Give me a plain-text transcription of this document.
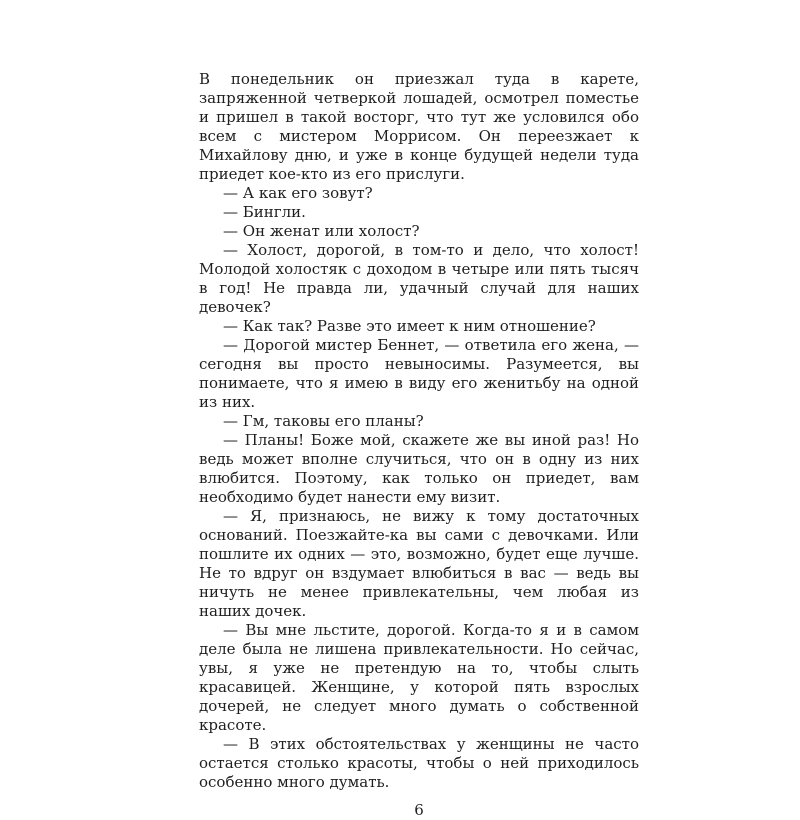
В понедельник он приезжал туда в карете, запряженной четверкой лошадей, осмотрел поместье и пришел в такой восторг, что тут же условился обо всем с мистером Моррисом. Он переезжает к Михайлову дню, и уже в конце будущей недели туда приедет кое-кто из его прислуги.

— А как его зовут?

— Бингли.

— Он женат или холост?

— Холост, дорогой, в том-то и дело, что холост! Молодой холостяк с доходом в четыре или пять тысяч в год! Не правда ли, удачный случай для наших девочек?

— Как так? Разве это имеет к ним отношение?

— Дорогой мистер Беннет, — ответила его жена, — сегодня вы просто невыносимы. Разумеется, вы понимаете, что я имею в виду его женитьбу на одной из них.

— Гм, таковы его планы?

— Планы! Боже мой, скажете же вы иной раз! Но ведь может вполне случиться, что он в одну из них влюбится. Поэтому, как только он приедет, вам необходимо будет нанести ему визит.

— Я, признаюсь, не вижу к тому достаточных оснований. Поезжайте-ка вы сами с девочками. Или пошлите их одних — это, возможно, будет еще лучше. Не то вдруг он вздумает влюбиться в вас — ведь вы ничуть не менее привлекательны, чем любая из наших дочек.

— Вы мне льстите, дорогой. Когда-то я и в самом деле была не лишена привлекательности. Но сейчас, увы, я уже не претендую на то, чтобы слыть красавицей. Женщине, у которой пять взрослых дочерей, не следует много думать о собственной красоте.

— В этих обстоятельствах у женщины не часто остается столько красоты, чтобы о ней приходилось особенно много думать.

6
